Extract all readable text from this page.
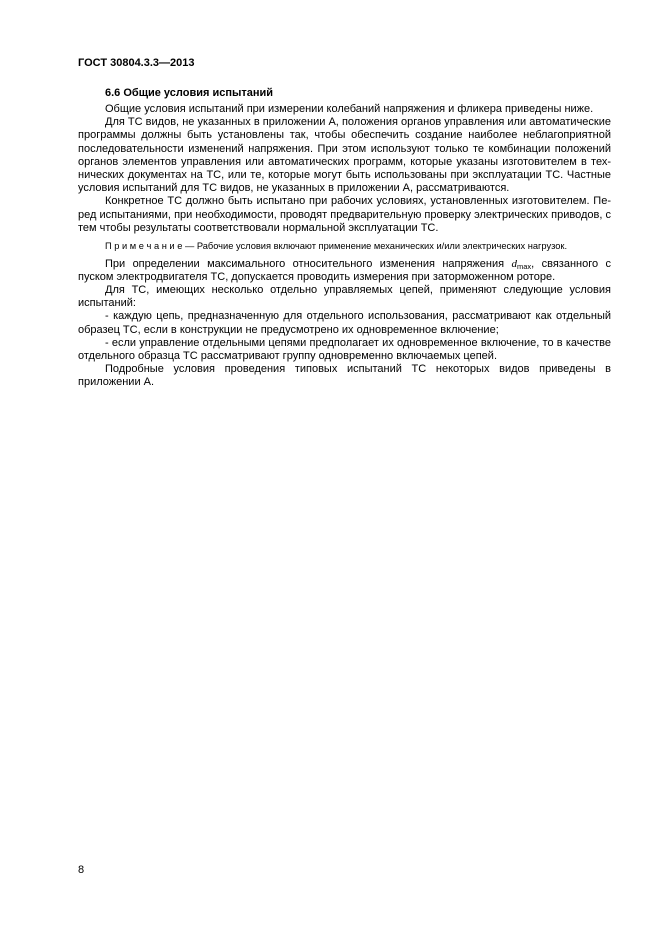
ГОСТ 30804.3.3—2013
6.6 Общие условия испытаний

Общие условия испытаний при измерении колебаний напряжения и фликера приведены ниже.

Для ТС видов, не указанных в приложении А, положения органов управления или автоматические программы должны быть установлены так, чтобы обеспечить создание наиболее неблагоприятной последовательности изменений напряжения. При этом используют только те комбинации положений органов элементов управления или автоматических программ, которые указаны изготовителем в технических документах на ТС, или те, которые могут быть использованы при эксплуатации ТС. Частные условия испытаний для ТС видов, не указанных в приложении А, рассматриваются.

Конкретное ТС должно быть испытано при рабочих условиях, установленных изготовителем. Перед испытаниями, при необходимости, проводят предварительную проверку электрических приводов, с тем чтобы результаты соответствовали нормальной эксплуатации ТС.

П р и м е ч а н и е — Рабочие условия включают применение механических и/или электрических нагрузок.

При определении максимального относительного изменения напряжения $d_{max}$, связанного с пуском электродвигателя ТС, допускается проводить измерения при заторможенном роторе.

Для ТС, имеющих несколько отдельно управляемых цепей, применяют следующие условия испытаний:

- каждую цепь, предназначенную для отдельного использования, рассматривают как отдельный образец ТС, если в конструкции не предусмотрено их одновременное включение;

- если управление отдельными цепями предполагает их одновременное включение, то в качестве отдельного образца ТС рассматривают группу одновременно включаемых цепей.

Подробные условия проведения типовых испытаний ТС некоторых видов приведены в приложении А.

8
